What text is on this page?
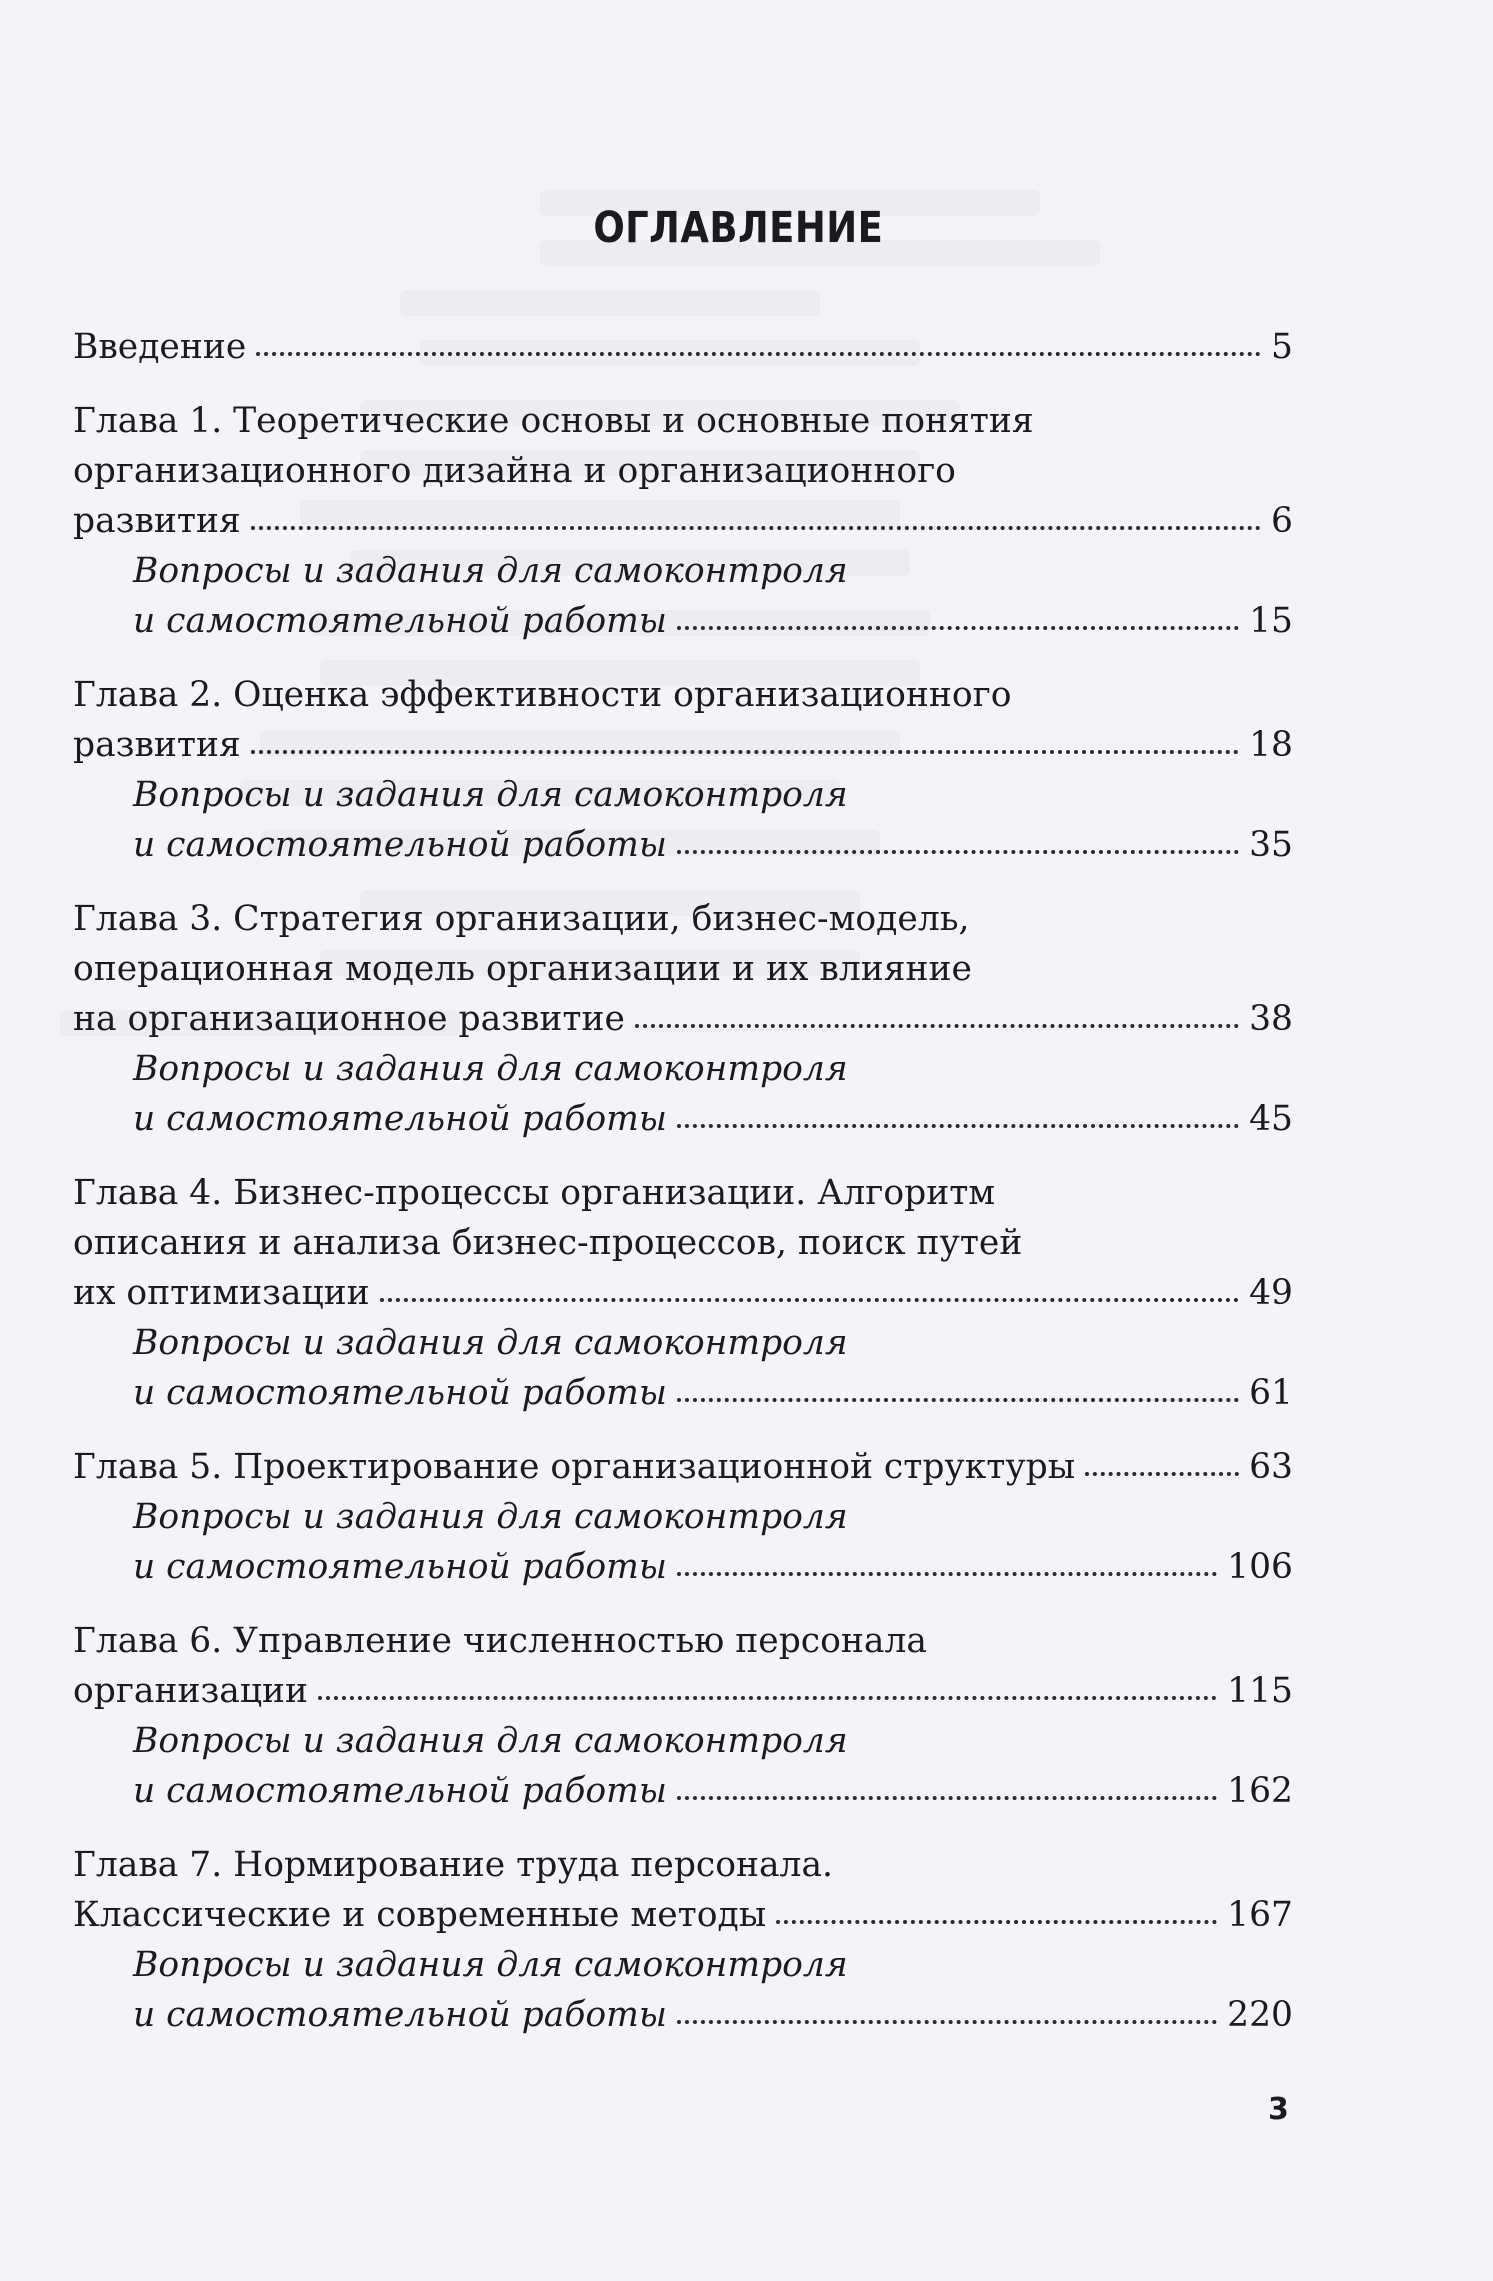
ОГЛАВЛЕНИЕ
Введение	5
Глава 1. Теоретические основы и основные понятия
организационного дизайна и организационного
развития	6
Вопросы и задания для самоконтроля
и самостоятельной работы	15
Глава 2. Оценка эффективности организационного
развития	18
Вопросы и задания для самоконтроля
и самостоятельной работы	35
Глава 3. Стратегия организации, бизнес-модель,
операционная модель организации и их влияние
на организационное развитие	38
Вопросы и задания для самоконтроля
и самостоятельной работы	45
Глава 4. Бизнес-процессы организации. Алгоритм
описания и анализа бизнес-процессов, поиск путей
их оптимизации	49
Вопросы и задания для самоконтроля
и самостоятельной работы	61
Глава 5. Проектирование организационной структуры	63
Вопросы и задания для самоконтроля
и самостоятельной работы	106
Глава 6. Управление численностью персонала
организации	115
Вопросы и задания для самоконтроля
и самостоятельной работы	162
Глава 7. Нормирование труда персонала.
Классические и современные методы	167
Вопросы и задания для самоконтроля
и самостоятельной работы	220
3
